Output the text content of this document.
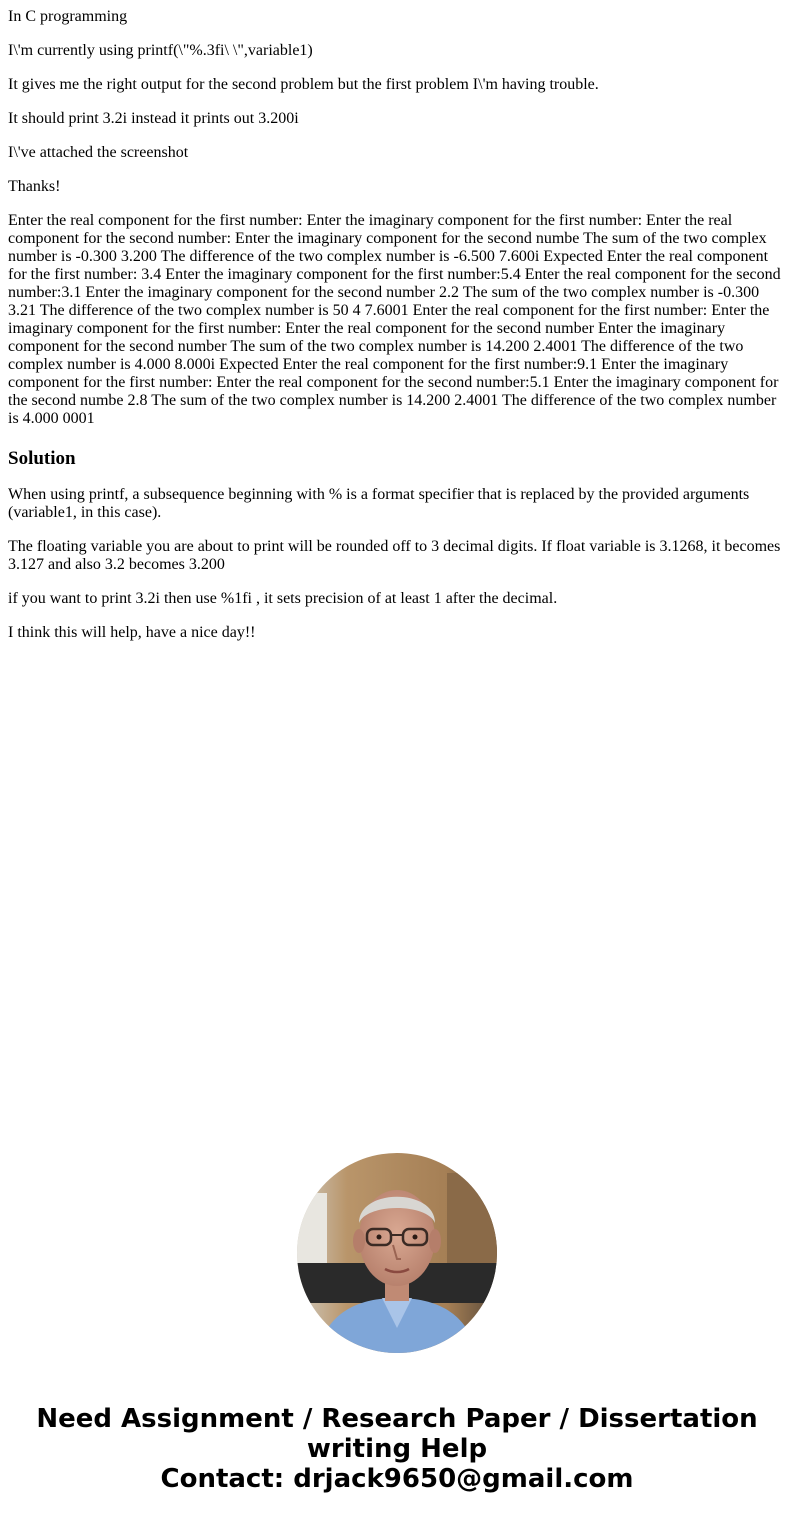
In C programming

I\'m currently using printf(\"%.3fi\ \",variable1)

It gives me the right output for the second problem but the first problem I\'m having trouble.

It should print 3.2i instead it prints out 3.200i

I\'ve attached the screenshot

Thanks!

Enter the real component for the first number: Enter the imaginary component for the first number: Enter the real component for the second number: Enter the imaginary component for the second numbe The sum of the two complex number is -0.300 3.200 The difference of the two complex number is -6.500 7.600i Expected Enter the real component for the first number: 3.4 Enter the imaginary component for the first number:5.4 Enter the real component for the second number:3.1 Enter the imaginary component for the second number 2.2 The sum of the two complex number is -0.300 3.21 The difference of the two complex number is 50 4 7.6001 Enter the real component for the first number: Enter the imaginary component for the first number: Enter the real component for the second number Enter the imaginary component for the second number The sum of the two complex number is 14.200 2.4001 The difference of the two complex number is 4.000 8.000i Expected Enter the real component for the first number:9.1 Enter the imaginary component for the first number: Enter the real component for the second number:5.1 Enter the imaginary component for the second numbe 2.8 The sum of the two complex number is 14.200 2.4001 The difference of the two complex number is 4.000 0001

Solution

When using printf, a subsequence beginning with % is a format specifier that is replaced by the provided arguments (variable1, in this case).

The floating variable you are about to print will be rounded off to 3 decimal digits. If float variable is 3.1268, it becomes 3.127 and also 3.2 becomes 3.200

if you want to print 3.2i then use %1fi , it sets precision of at least 1 after the decimal.

I think this will help, have a nice day!!

Need Assignment / Research Paper / Dissertation
writing Help
Contact: drjack9650@gmail.com
